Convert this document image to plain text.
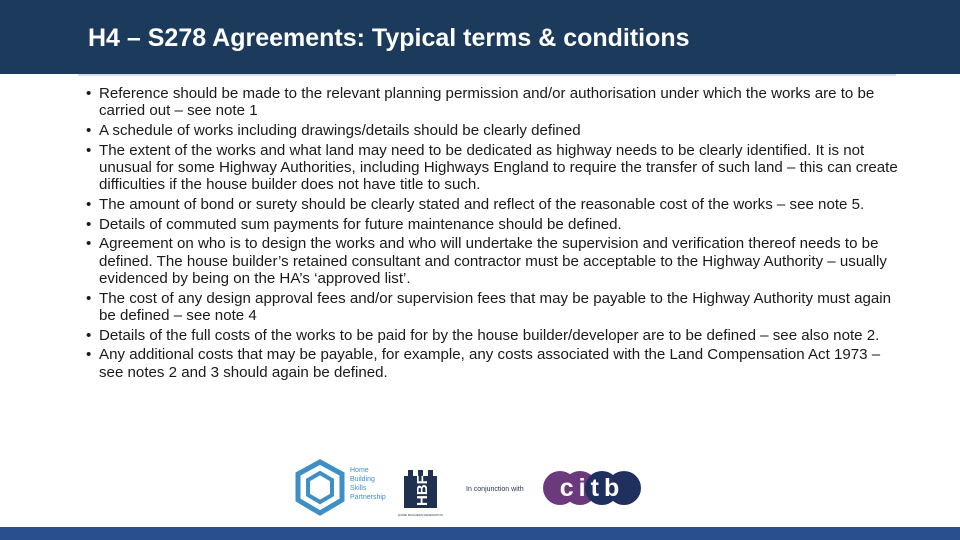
H4 – S278 Agreements: Typical terms & conditions
• Reference should be made to the relevant planning permission and/or authorisation under which the works are to be carried out – see note 1
• A schedule of works including drawings/details should be clearly defined
• The extent of the works and what land may need to be dedicated as highway needs to be clearly identified. It is not unusual for some Highway Authorities, including Highways England to require the transfer of such land – this can create difficulties if the house builder does not have title to such.
• The amount of bond or surety should be clearly stated and reflect of the reasonable cost of the works – see note 5.
• Details of commuted sum payments for future maintenance should be defined.
• Agreement on who is to design the works and who will undertake the supervision and verification thereof needs to be defined. The house builder’s retained consultant and contractor must be acceptable to the Highway Authority – usually evidenced by being on the HA’s ‘approved list’.
• The cost of any design approval fees and/or supervision fees that may be payable to the Highway Authority must again be defined – see note 4
• Details of the full costs of the works to be paid for by the house builder/developer are to be defined – see also note 2.
• Any additional costs that may be payable, for example, any costs associated with the Land Compensation Act 1973 – see notes 2 and 3 should again be defined.
Home
Building
Skills
Partnership HBF
HOME BUILDERS FEDERATION
In conjunction with citb
